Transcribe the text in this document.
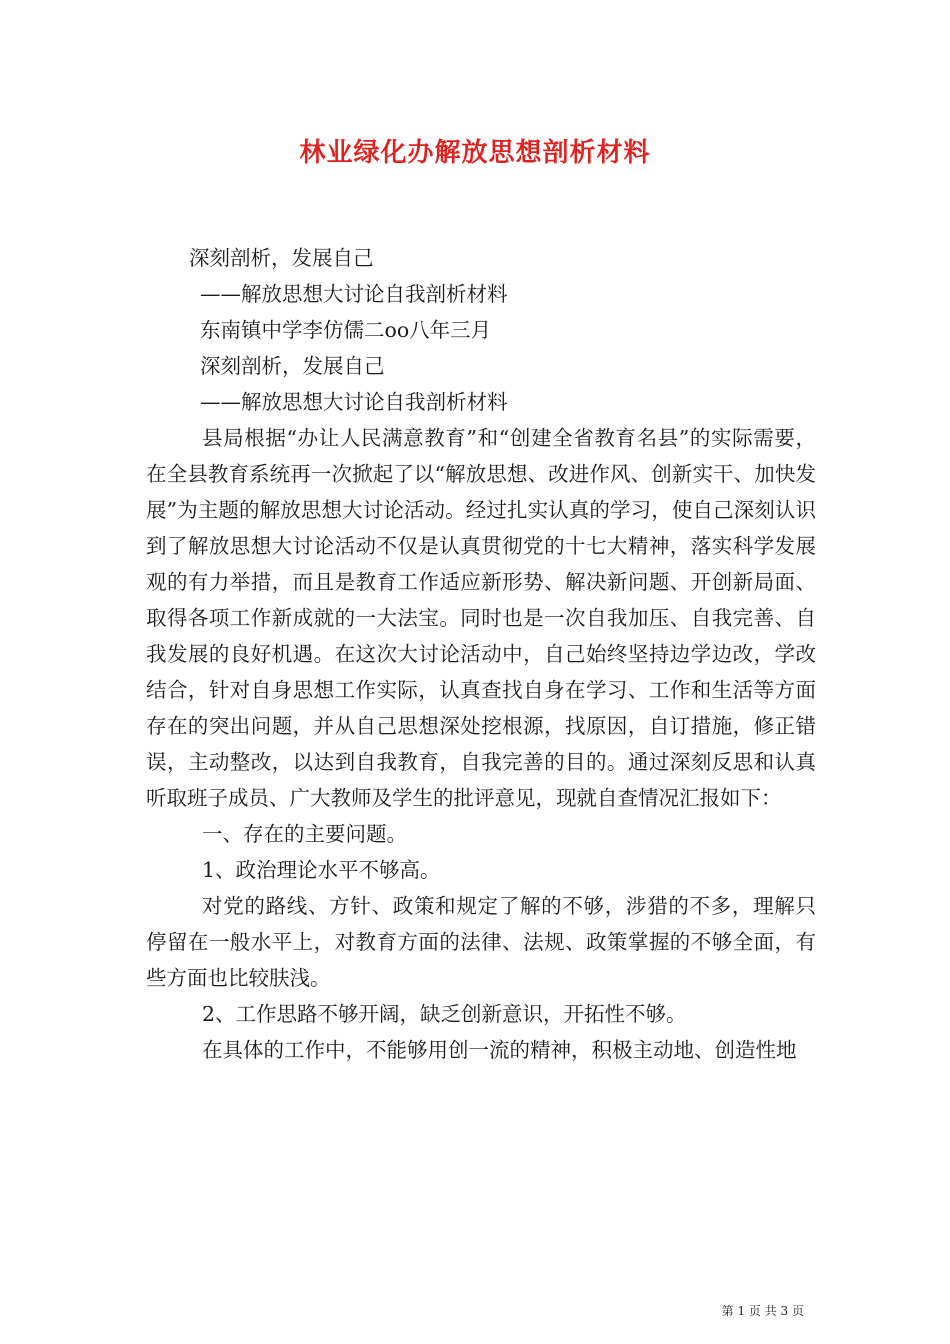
林业绿化办解放思想剖析材料

深刻剖析，发展自己

——解放思想大讨论自我剖析材料

东南镇中学李仿儒二oo八年三月

深刻剖析，发展自己

——解放思想大讨论自我剖析材料

县局根据“办让人民满意教育”和“创建全省教育名县”的实际需要，在全县教育系统再一次掀起了以“解放思想、改进作风、创新实干、加快发展”为主题的解放思想大讨论活动。经过扎实认真的学习，使自己深刻认识到了解放思想大讨论活动不仅是认真贯彻党的十七大精神，落实科学发展观的有力举措，而且是教育工作适应新形势、解决新问题、开创新局面、取得各项工作新成就的一大法宝。同时也是一次自我加压、自我完善、自我发展的良好机遇。在这次大讨论活动中，自己始终坚持边学边改，学改结合，针对自身思想工作实际，认真查找自身在学习、工作和生活等方面存在的突出问题，并从自己思想深处挖根源，找原因，自订措施，修正错误，主动整改，以达到自我教育，自我完善的目的。通过深刻反思和认真听取班子成员、广大教师及学生的批评意见，现就自查情况汇报如下：

一、存在的主要问题。

1、政治理论水平不够高。

对党的路线、方针、政策和规定了解的不够，涉猎的不多，理解只停留在一般水平上，对教育方面的法律、法规、政策掌握的不够全面，有些方面也比较肤浅。

2、工作思路不够开阔，缺乏创新意识，开拓性不够。

在具体的工作中，不能够用创一流的精神，积极主动地、创造性地

第 1 页 共 3 页
